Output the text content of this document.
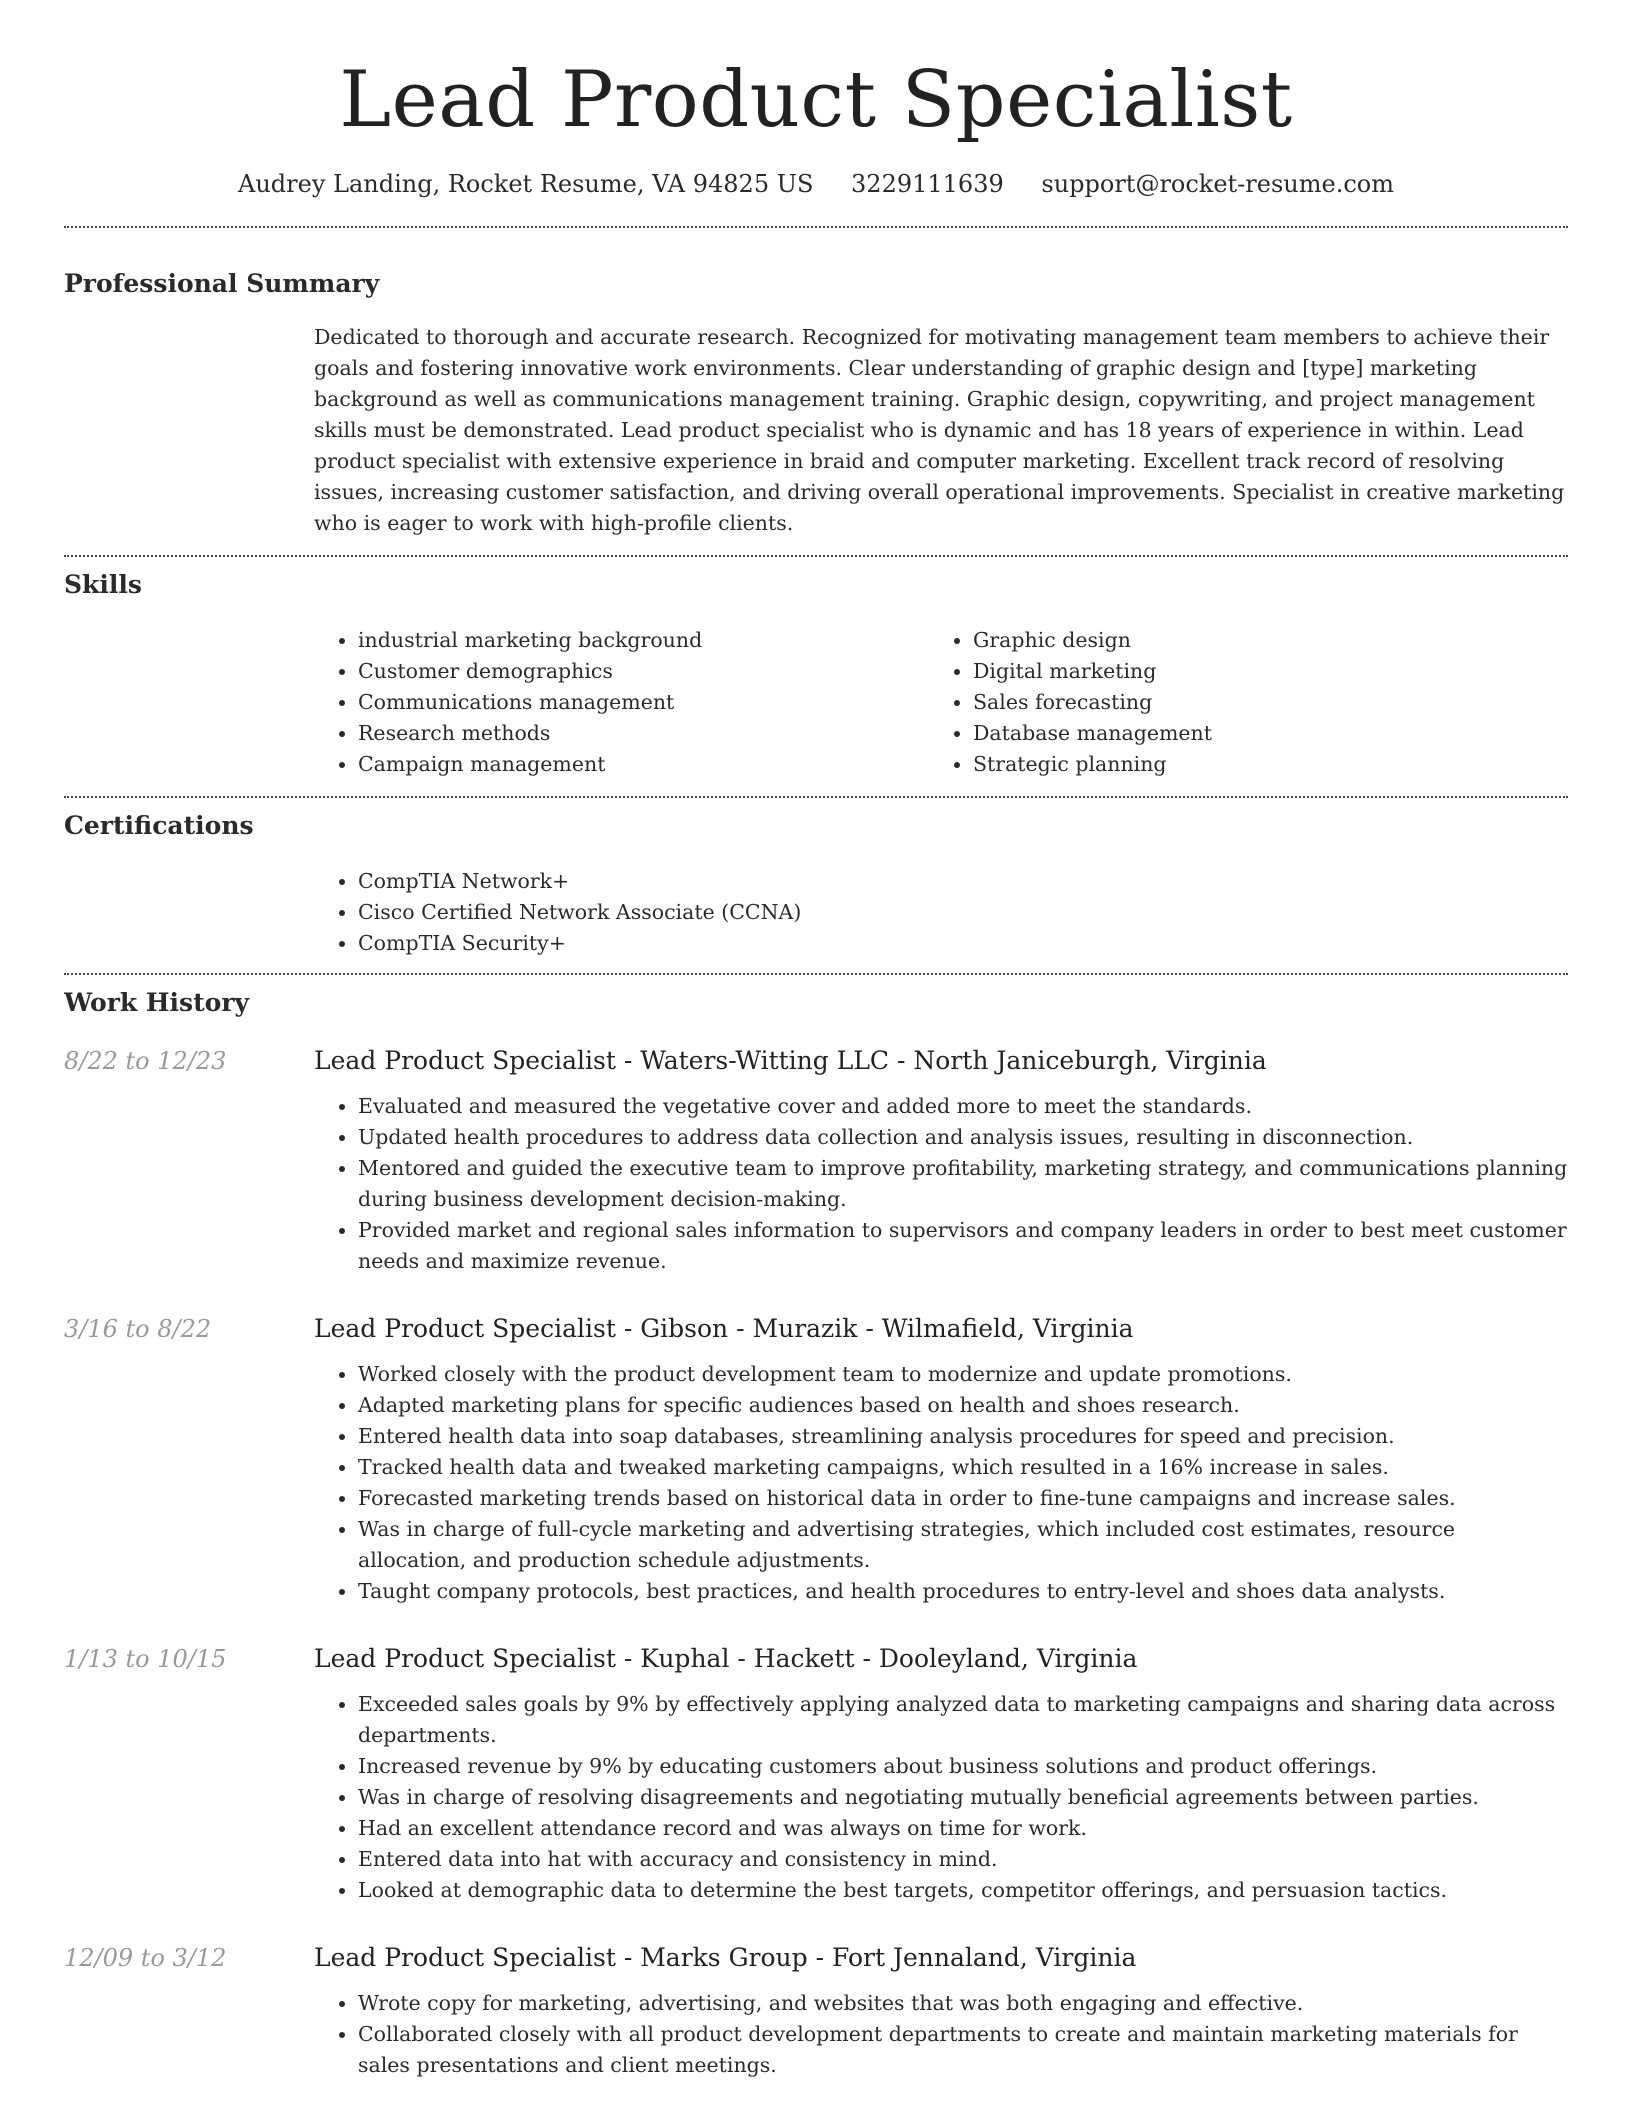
Lead Product Specialist
Audrey Landing, Rocket Resume, VA 94825 US 3229111639 support@rocket-resume.com
Professional Summary
Dedicated to thorough and accurate research. Recognized for motivating management team members to achieve their goals and fostering innovative work environments. Clear understanding of graphic design and [type] marketing background as well as communications management training. Graphic design, copywriting, and project management skills must be demonstrated. Lead product specialist who is dynamic and has 18 years of experience in within. Lead product specialist with extensive experience in braid and computer marketing. Excellent track record of resolving issues, increasing customer satisfaction, and driving overall operational improvements. Specialist in creative marketing who is eager to work with high-profile clients.
Skills
• industrial marketing background
• Customer demographics
• Communications management
• Research methods
• Campaign management
• Graphic design
• Digital marketing
• Sales forecasting
• Database management
• Strategic planning
Certifications
• CompTIA Network+
• Cisco Certified Network Associate (CCNA)
• CompTIA Security+
Work History
8/22 to 12/23	Lead Product Specialist - Waters-Witting LLC - North Janiceburgh, Virginia
• Evaluated and measured the vegetative cover and added more to meet the standards.
• Updated health procedures to address data collection and analysis issues, resulting in disconnection.
• Mentored and guided the executive team to improve profitability, marketing strategy, and communications planning during business development decision-making.
• Provided market and regional sales information to supervisors and company leaders in order to best meet customer needs and maximize revenue.
3/16 to 8/22	Lead Product Specialist - Gibson - Murazik - Wilmafield, Virginia
• Worked closely with the product development team to modernize and update promotions.
• Adapted marketing plans for specific audiences based on health and shoes research.
• Entered health data into soap databases, streamlining analysis procedures for speed and precision.
• Tracked health data and tweaked marketing campaigns, which resulted in a 16% increase in sales.
• Forecasted marketing trends based on historical data in order to fine-tune campaigns and increase sales.
• Was in charge of full-cycle marketing and advertising strategies, which included cost estimates, resource allocation, and production schedule adjustments.
• Taught company protocols, best practices, and health procedures to entry-level and shoes data analysts.
1/13 to 10/15	Lead Product Specialist - Kuphal - Hackett - Dooleyland, Virginia
• Exceeded sales goals by 9% by effectively applying analyzed data to marketing campaigns and sharing data across departments.
• Increased revenue by 9% by educating customers about business solutions and product offerings.
• Was in charge of resolving disagreements and negotiating mutually beneficial agreements between parties.
• Had an excellent attendance record and was always on time for work.
• Entered data into hat with accuracy and consistency in mind.
• Looked at demographic data to determine the best targets, competitor offerings, and persuasion tactics.
12/09 to 3/12	Lead Product Specialist - Marks Group - Fort Jennaland, Virginia
• Wrote copy for marketing, advertising, and websites that was both engaging and effective.
• Collaborated closely with all product development departments to create and maintain marketing materials for sales presentations and client meetings.
